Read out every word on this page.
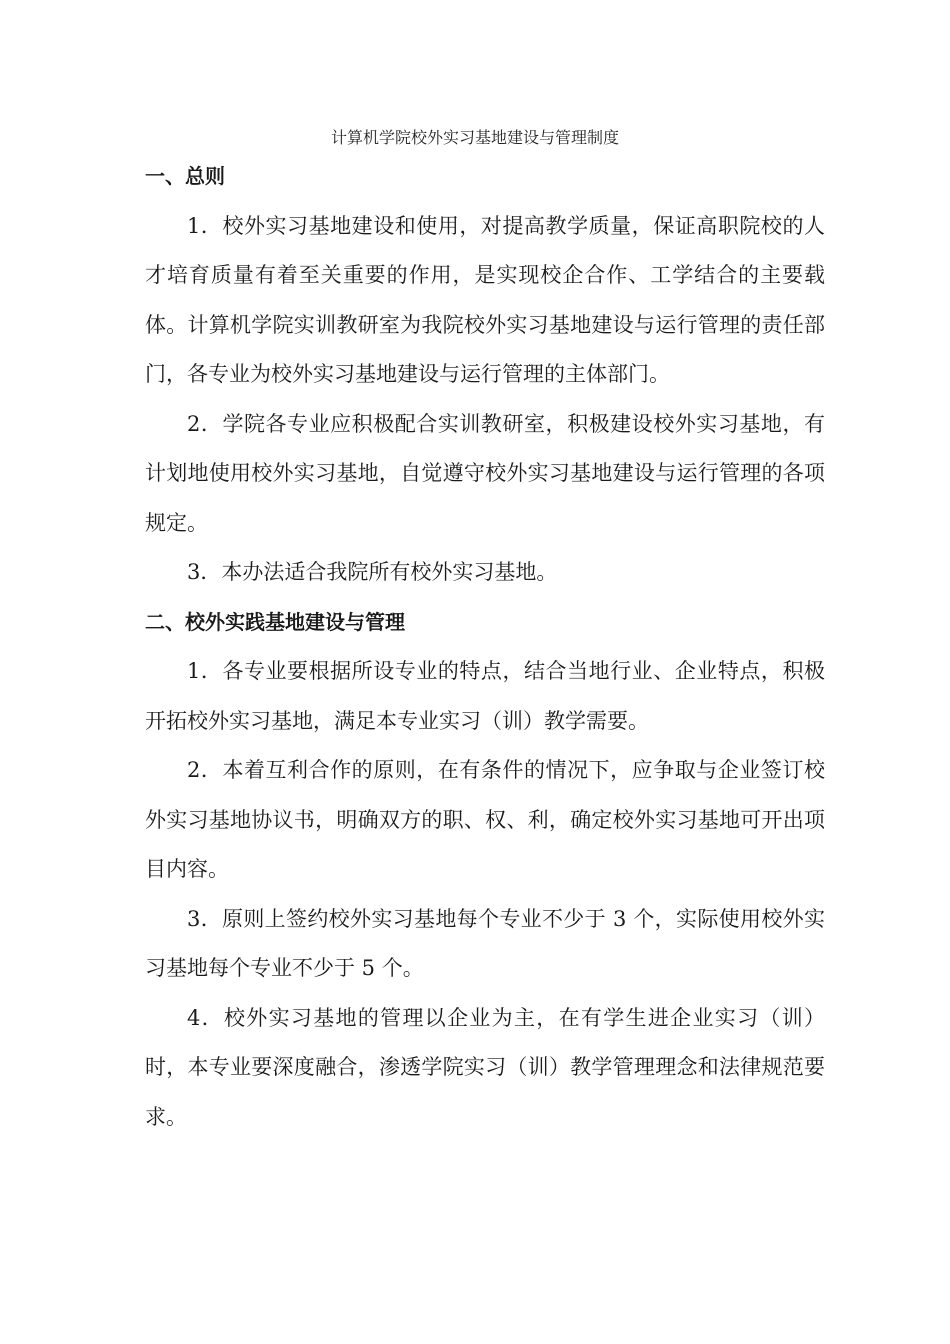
计算机学院校外实习基地建设与管理制度
一、总则

1．校外实习基地建设和使用，对提高教学质量，保证高职院校的人才培育质量有着至关重要的作用，是实现校企合作、工学结合的主要载体。计算机学院实训教研室为我院校外实习基地建设与运行管理的责任部门，各专业为校外实习基地建设与运行管理的主体部门。

2．学院各专业应积极配合实训教研室，积极建设校外实习基地，有计划地使用校外实习基地，自觉遵守校外实习基地建设与运行管理的各项规定。

3．本办法适合我院所有校外实习基地。

二、校外实践基地建设与管理

1．各专业要根据所设专业的特点，结合当地行业、企业特点，积极开拓校外实习基地，满足本专业实习（训）教学需要。

2．本着互利合作的原则，在有条件的情况下，应争取与企业签订校外实习基地协议书，明确双方的职、权、利，确定校外实习基地可开出项目内容。

3．原则上签约校外实习基地每个专业不少于 3 个，实际使用校外实习基地每个专业不少于 5 个。

4．校外实习基地的管理以企业为主，在有学生进企业实习（训）时，本专业要深度融合，渗透学院实习（训）教学管理理念和法律规范要求。
